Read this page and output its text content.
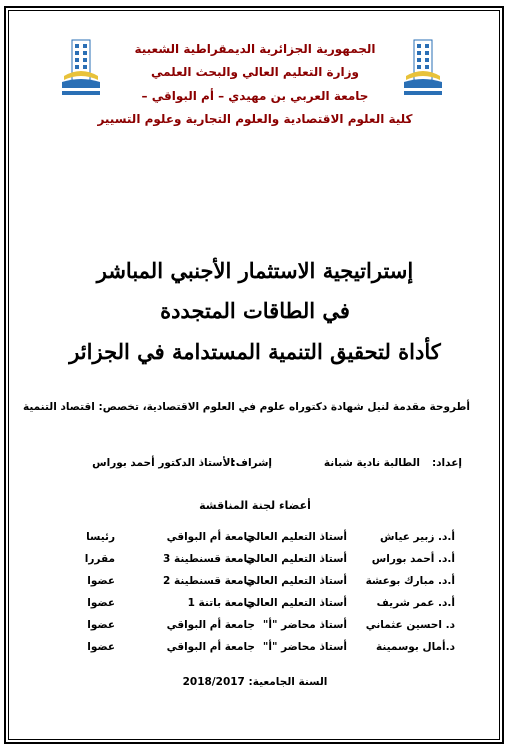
الجمهورية الجزائرية الديمقراطية الشعبية
وزارة التعليم العالي والبحث العلمي
جامعة العربي بن مهيدي – أم البواقي –
كلية العلوم الاقتصادية والعلوم التجارية وعلوم التسيير
إستراتيجية الاستثمار الأجنبي المباشر
في الطاقات المتجددة
كأداة لتحقيق التنمية المستدامة في الجزائر
أطروحة مقدمة لنيل شهادة دكتوراه علوم في العلوم الاقتصادية، تخصص: اقتصاد التنمية
إعداد:
الطالبة نادية شبانة
إشراف:
الأستاذ الدكتور أحمد بوراس
أعضاء لجنة المناقشة
أ.د. زبير عياش
أستاذ التعليم العالي
جامعة أم البواقي
رئيسا
أ.د. أحمد بوراس
أستاذ التعليم العالي
جامعة قسنطينة 3
مقررا
أ.د. مبارك بوعشة
أستاذ التعليم العالي
جامعة قسنطينة 2
عضوا
أ.د. عمر شريف
أستاذ التعليم العالي
جامعة باتنة 1
عضوا
د. احسين عثماني
أستاذ محاضر "أ"
جامعة أم البواقي
عضوا
د.أمال بوسمينة
أستاذ محاضر "أ"
جامعة أم البواقي
عضوا
السنة الجامعية: 2018/2017
